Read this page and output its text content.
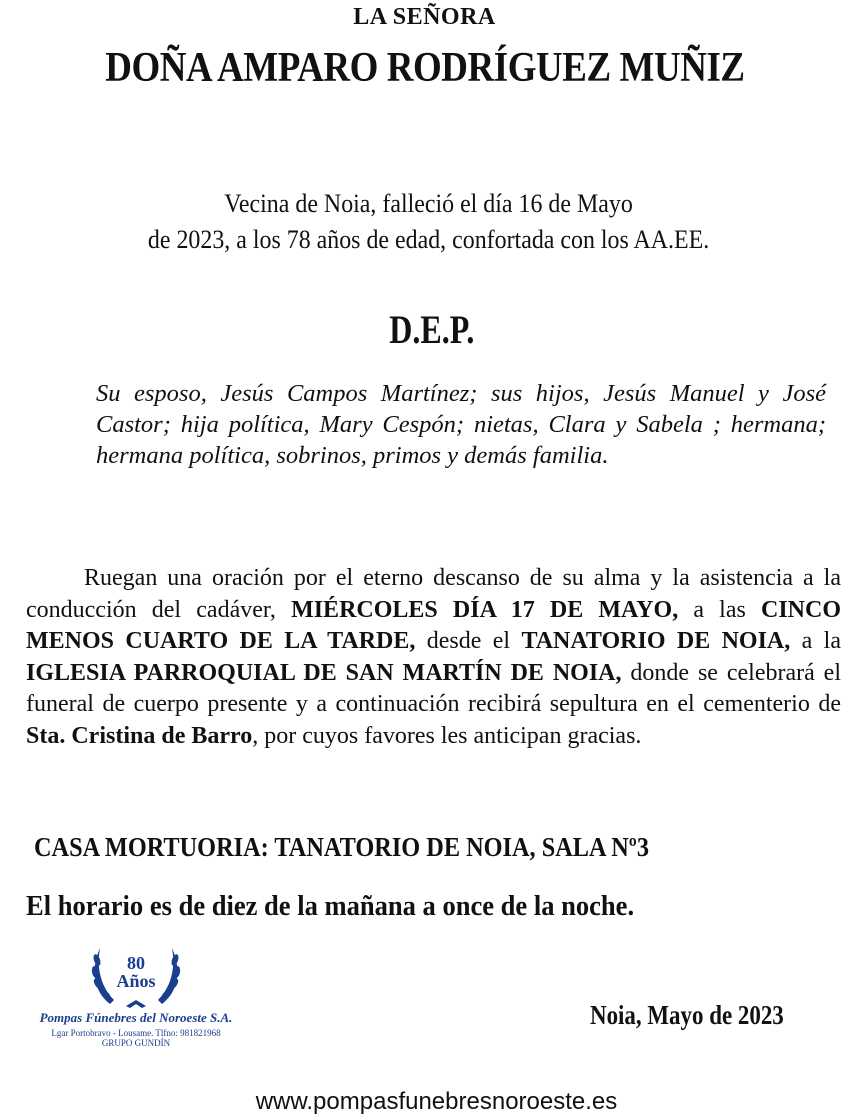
LA SEÑORA
DOÑA AMPARO RODRÍGUEZ MUÑIZ
Vecina de Noia, falleció el día 16 de Mayo
de 2023, a los 78 años de edad, confortada con los AA.EE.
D.E.P.
Su esposo, Jesús Campos Martínez; sus hijos, Jesús Manuel y José Castor; hija política, Mary Cespón; nietas, Clara y Sabela ; hermana; hermana política, sobrinos, primos y demás familia.
Ruegan una oración por el eterno descanso de su alma y la asistencia a la conducción del cadáver, MIÉRCOLES DÍA 17 DE MAYO, a las CINCO MENOS CUARTO DE LA TARDE, desde el TANATORIO DE NOIA, a la IGLESIA PARROQUIAL DE SAN MARTÍN DE NOIA, donde se celebrará el funeral de cuerpo presente y a continuación recibirá sepultura en el cementerio de Sta. Cristina de Barro, por cuyos favores les anticipan gracias.
CASA MORTUORIA: TANATORIO DE NOIA, SALA Nº3
El horario es de diez de la mañana a once de la noche.
80
Años
Pompas Fúnebres del Noroeste S.A.
Lgar Portobravo - Lousame. Tlfno: 981821968
GRUPO GUNDÍN
Noia, Mayo de 2023
www.pompasfunebresnoroeste.es
